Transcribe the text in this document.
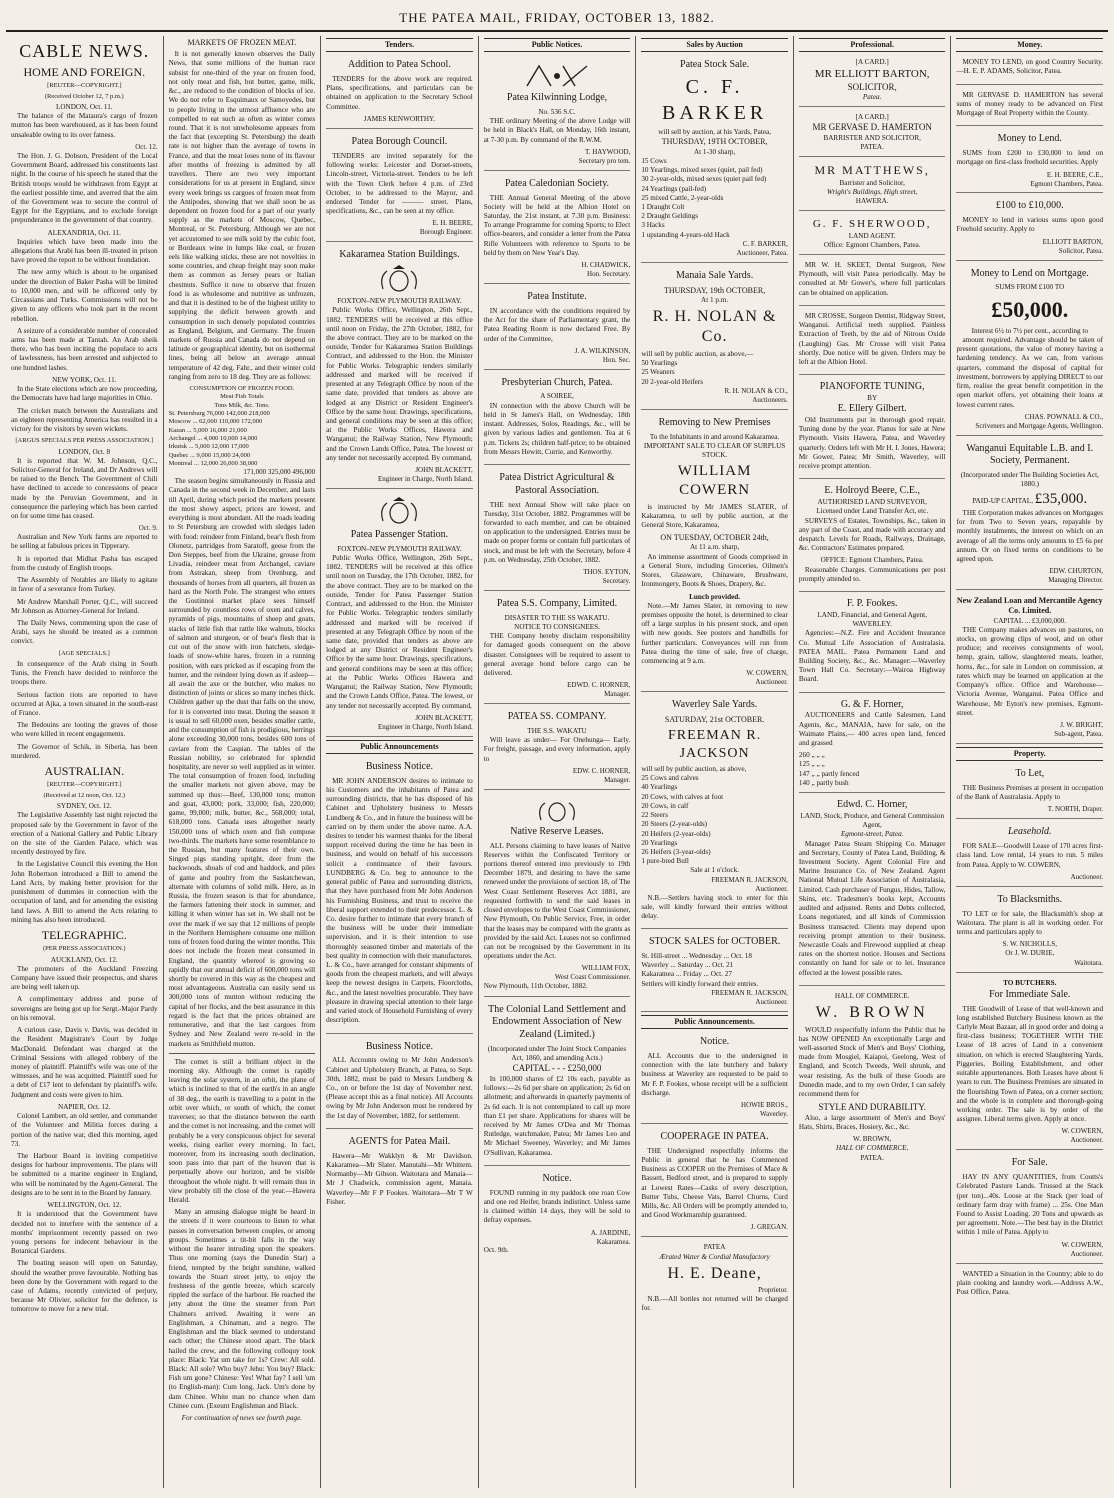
THE PATEA MAIL, FRIDAY, OCTOBER 13, 1882.
CABLE NEWS.
HOME AND FOREIGN.
[REUTER—COPYRIGHT.]
(Received October 12, 7 p.m.)
LONDON, Oct. 11.

The balance of the Mataura's cargo of frozen mutton has been warehoused, as it has been found unsaleable owing to its over fatness.

Oct. 12.

The Hon. J. G. Dobson, President of the Local Government Board, addressed his constituents last night. In the course of his speech he stated that the British troops would be withdrawn from Egypt at the earliest possible time, and averred that the aim of the Government was to secure the control of Egypt for the Egyptians, and to exclude foreign preponderance in the government of that country.

ALEXANDRIA, Oct. 11.

Inquiries which have been made into the allegations that Arabi has been ill-treated in prison have proved the report to be without foundation.

The new army which is about to be organised under the direction of Baker Pasha will be limited to 10,000 men, and will be officered only by Circassians and Turks. Commissions will not be given to any officers who took part in the recent rebellion.

A seizure of a considerable number of concealed arms has been made at Tantah. An Arab sheik there, who has been inciting the populace to acts of lawlessness, has been arrested and subjected to one hundred lashes.

NEW YORK, Oct. 11.

In the State elections which are now proceeding, the Democrats have had large majorities in Ohio.

The cricket match between the Australians and an eighteen representing America has resulted in a victory for the visitors by seven wickets.

[ARGUS SPECIALS PER PRESS ASSOCIATION.]
LONDON, Oct. 8

It is reported that W. M. Johnson, Q.C., Solicitor-General for Ireland, and Dr Andrews will be raised to the Bench. The Government of Chili have declined to accede to concessions of peace made by the Peruvian Government, and in consequence the parleying which has been carried on for some time has ceased.

Oct. 9.

Australian and New York farms are reported to be selling at fabulous prices in Tipperary.

It is reported that Midhat Pasha has escaped from the custody of English troops.

The Assembly of Notables are likely to agitate in favor of a severance from Turkey.

Mr Andrew Marshall Porter, Q.C., will succeed Mr Johnson as Attorney-General for Ireland.

The Daily News, commenting upon the case of Arabi, says he should be treated as a common convict.

[AGE SPECIALS.]

In consequence of the Arab rising in South Tunis, the French have decided to reinforce the troops there.

Serious faction riots are reported to have occurred at Ajka, a town situated in the south-east of France.

The Bedouins are looting the graves of those who were killed in recent engagements.

The Governor of Schik, in Siberia, has been murdered.

AUSTRALIAN.
[REUTER—COPYRIGHT.]
(Received at 12 noon, Oct. 12.)
SYDNEY, Oct. 12.

The Legislative Assembly last night rejected the proposed sale by the Government in favor of the erection of a National Gallery and Public Library on the site of the Garden Palace, which was recently destroyed by fire.

In the Legislative Council this evening the Hon John Robertson introduced a Bill to amend the Land Acts, by making better provision for the punishment of dummies in connection with the occupation of land, and for amending the existing land laws. A Bill to amend the Acts relating to mining has also been introduced.

TELEGRAPHIC.
(PER PRESS ASSOCIATION.)
AUCKLAND, Oct. 12.

The promoters of the Auckland Freezing Company have issued their prospectus, and shares are being well taken up.

A complimentary address and purse of sovereigns are being got up for Sergt.-Major Pardy on his removal.

A curious case, Davis v. Davis, was decided in the Resident Magistrate's Court by Judge MacDonald. Defendant was charged at the Criminal Sessions with alleged robbery of the money of plaintiff. Plaintiff's wife was one of the witnesses, and he was acquitted. Plaintiff sued for a debt of £17 lent to defendant by plaintiff's wife. Judgment and costs were given to him.

NAPIER, Oct. 12.

Colonel Lambert, an old settler, and commander of the Volunteer and Militia forces during a portion of the native war, died this morning, aged 73.

The Harbour Board is inviting competitive designs for harbour improvements. The plans will be submitted to a marine engineer in England, who will be nominated by the Agent-General. The designs are to be sent in to the Board by January.

WELLINGTON, Oct. 12.

It is understood that the Government have decided not to interfere with the sentence of a months' imprisonment recently passed on two young persons for indecent behaviour in the Botanical Gardens.

The boating season will open on Saturday, should the weather prove favourable. Nothing has been done by the Government with regard to the case of Adams, recently convicted of perjury, because Mr Olivier, solicitor for the defence, is tomorrow to move for a new trial.

MARKETS OF FROZEN MEAT.

It is not generally known observes the Daily News, that some millions of the human race subsist for one-third of the year on frozen food, not only meat and fish, but butter, game, milk, &c., are reduced to the condition of blocks of ice. We do not refer to Esquimaux or Samoyedes, but to people living in the utmost affluence who are compelled to eat such as often as winter comes round. That it is not unwholesome appears from the fact that (excepting St. Petersburg) the death rate is not higher than the average of towns in France, and that the meat loses none of its flavour after months of freezing is admitted by all travellers. There are two very important considerations for us at present in England, since every week brings us cargoes of frozen meat from the Antipodes, showing that we shall soon be as dependent on frozen food for a part of our yearly supply as the markets of Moscow, Quebec, Montreal, or St. Petersburg. Although we are not yet accustomed to see milk sold by the cubic foot, or Bordeaux wine in lumps like coal, or frozen eels like walking sticks, these are not novelties in some countries, and cheap freight may soon make them as common as Jersey pears or Italian chestnuts. Suffice it now to observe that frozen food is as wholesome and nutritive as unfrozen, and that it is destined to be of the highest utility to supplying the deficit between growth and consumption in such densely populated countries as England, Belgium, and Germany. The frozen markets of Russia and Canada do not depend on latitude or geographical identity, but on isothermal lines, being all below an average annual temperature of 42 deg. Fahr., and their winter cold ranging from zero to 18 deg. They are as follows:

CONSUMPTION OF FROZEN FOOD.
Meat Fish Totals
Tons Milk, &c. Tons.
St. Petersburg 76,000 142,000 218,000
Moscow ... 62,000 110,000 172,000
Kazan ... 5,000 16,000 21,000
Archangel ... 4,000 10,000 14,000
Irkutsk ... 5,000 12,000 17,000
Quebec ... 9,000 15,000 24,000
Montreal ... 12,000 26,000 38,000
171,000 325,000 496,000

The season begins simultaneously in Russia and Canada in the second week in December, and lasts till April, during which period the markets present the most showy aspect, prices are lowest, and everything is most abundant. All the roads leading to St Petersburg are crowded with sledges laden with food: reindeer from Finland, bear's flesh from Olonetz, partridges from Saratoff, geese from the Don Steppes, beef from the Ukraine, grouse from Livadia, reindeer meat from Archangel, caviare from Astrakan, sheep from Orenburg, and thousands of horses from all quarters, all frozen as hard as the North Pole. The strangest who enters the Gostinnoi market place sees himself surrounded by countless rows of oxen and calves, pyramids of pigs, mountains of sheep and goats, stacks of little fish that rattle like walnuts, blocks of salmon and sturgeon, or of bear's flesh that is cut out of the snow with iron hatchets, sledge-loads of snow-white hares, frozen in a running position, with ears pricked as if escaping from the hunter, and the reindeer lying down as if asleep—all await the axe or the butcher, who makes no distinction of joints or slices so many inches thick. Children gather up the dust that falls on the snow, for it is converted into meat. During the season it is usual to sell 60,000 oxen, besides smaller cattle, and the consumption of fish is prodigious, herrings alone exceeding 30,000 tons, besides 600 tons of caviare from the Caspian. The tables of the Russian nobility, so celebrated for splendid hospitality, are never so well supplied as in winter. The total consumption of frozen food, including the smaller markets not given above, may be summed up thus:—Beef, 130,000 tons; mutton and goat, 43,000; pork, 33,000; fish, 220,000; game, 99,000; milk, butter, &c., 568,000; total, 618,000 tons. Canada uses altogether nearly 150,000 tons of which oxen and fish compose two-thirds. The markets have some resemblance to the Russian, but many features of their own. Singed pigs standing upright, deer from the backwoods, shoals of cod and haddock, and piles of game and poultry from the Saskatchewan, alternate with columns of solid milk. Here, as in Russia, the frozen season is that for abundance, the farmers fattening their stock in summer, and killing it when winter has set in. We shall not be over the mark if we say that 12 millions of people in the Northern Hemisphere consume one million tons of frozen food during the winter months. This does not include the frozen meat consumed in England, the quantity whereof is growing so rapidly that our annual deficit of 600,000 tons will shortly be covered in this way as the cheapest and most advantageous. Australia can easily send us 300,000 tons of mutton without reducing the capital of her flocks, and the best assurance in this regard is the fact that the prices obtained are remunerative, and that the last cargoes from Sydney and New Zealand were re-sold in the markets as Smithfield mutton.

The comet is still a brilliant object in the morning sky. Although the comet is rapidly leaving the solar system, in an orbit, the plane of which is inclined to that of the earth's in an angle of 38 deg., the earth is travelling to a point in the orbit over which, or south of which, the comet traverses; so that the distance between the earth and the comet is not increasing, and the comet will probably be a very conspicuous object for several weeks, rising earlier every morning. In fact, moreover, from its increasing south declination, soon pass into that part of the heaven that is perpetually above our horizon, and be visible throughout the whole night. It will remain thus in view probably till the close of the year.—Hawera Herald.

Many an amusing dialogue might be heard in the streets if it were courteous to listen to what passes in conversation between couples, or among groups. Sometimes a tit-bit falls in the way without the hearer intruding upon the speakers. Thus one morning (says the Dunedin Star) a friend, tempted by the bright sunshine, walked towards the Stuart street jetty, to enjoy the freshness of the gentle breeze, which scarcely rippled the surface of the harbour. He reached the jetty about the time the steamer from Port Chalmers arrived. Awaiting it were an Englishman, a Chinaman, and a negro. The Englishman and the black seemed to understand each other; the Chinese stood apart. The black hailed the crew, and the following colloquy took place: Black: Yat um take for 1s? Crew: All sold. Black: All sole? Who buy? Jehu: You buy? Black: Fish um gone? Chinese: Yes! What fay? I sell 'um (to English-man): Cum long, Jack. Um's done by dam Chinee. White man no chance when dam Chinee cum. (Exeunt Englishman and Black.

For continuation of news see fourth page.
Tenders.
Addition to Patea School.

TENDERS for the above work are required. Plans, specifications, and particulars can be obtained on application to the Secretary School Committee.

JAMES KENWORTHY.
Patea Borough Council.

TENDERS are invited separately for the following works: Leicester and Dorset-streets, Lincoln-street, Victoria-street. Tenders to be left with the Town Clerk before 4 p.m. of 23rd October, to be addressed to the Mayor, and endorsed Tender for ——— street. Plans, specifications, &c., can be seen at my office.

E. H. BEERE,
Borough Engineer.
Kakaramea Station Buildings.
FOXTON–NEW PLYMOUTH RAILWAY.

Public Works Office, Wellington, 26th Sept., 1882. TENDERS will be received at this office until noon on Friday, the 27th October, 1882, for the above contract. They are to be marked on the outside, Tender for Kakaramea Station Buildings Contract, and addressed to the Hon. the Minister for Public Works. Telegraphic tenders similarly addressed and marked will be received if presented at any Telegraph Office by noon of the same date, provided that tenders as above are lodged at any District or Resident Engineer's Office by the same hour. Drawings, specifications, and general conditions may be seen at this office; at the Public Works Offices, Hawera and Wanganui; the Railway Station, New Plymouth; and the Crown Lands Office, Patea. The lowest or any tender not necessarily accepted. By command,

JOHN BLACKETT,
Engineer in Charge, North Island.
Patea Passenger Station.
FOXTON–NEW PLYMOUTH RAILWAY.

Public Works Office, Wellington, 26th Sept., 1882. TENDERS will be received at this office until noon on Tuesday, the 17th October, 1882, for the above contract. They are to be marked on the outside, Tender for Patea Passenger Station Contract, and addressed to the Hon. the Minister for Public Works. Telegraphic tenders similarly addressed and marked will be received if presented at any Telegraph Office by noon of the same date, provided that tenders as above are lodged at any District or Resident Engineer's Office by the same hour. Drawings, specifications, and general conditions may be seen at this office; at the Public Works Offices Hawera and Wanganui; the Railway Station, New Plymouth; and the Crown Lands Office, Patea. The lowest, or any tender not necessarily accepted. By command,

JOHN BLACKETT,
Engineer in Charge, North Island.
Public Announcements
Business Notice.

MR JOHN ANDERSON desires to intimate to his Customers and the inhabitants of Patea and surrounding districts, that he has disposed of his Cabinet and Upholstery business to Messrs Lundberg & Co., and in future the business will be carried on by them under the above name. A.A. desires to tender his warmest thanks for the liberal support received during the time he has been in business, and would on behalf of his successors solicit a continuance of their favours. LUNDBERG & Co. beg to announce to the general public of Patea and surrounding districts, that they have purchased from Mr John Anderson his Furnishing Business, and trust to receive the liberal support extended to their predecessor. L. & Co. desire further to intimate that every branch of the business will be under their immediate supervision, and it is their intention to use thoroughly seasoned timber and materials of the best quality in connection with their manufactures. L. & Co., have arranged for constant shipments of goods from the cheapest markets, and will always keep the newest designs in Carpets, Floorcloths, &c., and the latest novelties procurable. They have pleasure in drawing special attention to their large and varied stock of Household Furnishing of every description.

Business Notice.

ALL Accounts owing to Mr John Anderson's Cabinet and Upholstery Branch, at Patea, to Sept. 30th, 1882, must be paid to Messrs Lundberg & Co., on or before the 1st day of November next. (Please accept this as a final notice). All Accounts owing by Mr John Anderson must be rendered by the 1st day of November, 1882, for settlement.

AGENTS for Patea Mail.

Hawera—Mr Wakklyn & Mr Davidson. Kakaramea—Mr Slater. Manutahi—Mr Whittem. Normanby—Mr Gibson. Waitotara and Manaia—Mr J Chadwick, commission agent, Manaia. Waverley—Mr F P Fookes. Waitotara—Mr T W Fisher.

Public Notices.
Patea Kilwinning Lodge,
No. 536 S.C.

THE ordinary Meeting of the above Lodge will be held in Black's Hall, on Monday, 16th instant, at 7-30 p.m. By command of the R.W.M.

T. HAYWOOD,
Secretary pro tem.
Patea Caledonian Society.

THE Annual General Meeting of the above Society will be held at the Albion Hotel on Saturday, the 21st instant, at 7.30 p.m. Business: To arrange Programme for coming Sports; to Elect office-bearers, and consider a letter from the Patea Rifle Volunteers with reference to Sports to be held by them on New Year's Day.

H. CHADWICK,
Hon. Secretary.
Patea Institute.

IN accordance with the conditions required by the Act for the share of Parliamentary grant, the Patea Reading Room is now declared Free. By order of the Committee,

J. A. WILKINSON,
Hon. Sec.
Presbyterian Church, Patea.
A SOIREE,

IN connection with the above Church will be held in St James's Hall, on Wednesday, 18th instant. Addresses, Solos, Readings, &c., will be given by various ladies and gentlemen. Tea at 6 p.m. Tickets 2s; children half-price; to be obtained from Messrs Hewitt, Currie, and Kenworthy.

Patea District Agricultural & Pastoral Association.

THE next Annual Show will take place on Tuesday, 31st October, 1882. Programmes will be forwarded to each member, and can be obtained on application to the undersigned. Entries must be made on proper forms or contain full particulars of stock, and must be left with the Secretary, before 4 p.m. on Wednesday, 25th October, 1882.

THOS. EYTON,
Secretary.
Patea S.S. Company, Limited.
DISASTER TO THE SS WAKATU.
NOTICE TO CONSIGNEES.

THE Company hereby disclaim responsibility for damaged goods consequent on the above disaster. Consignees will be required to assent to general average bond before cargo can be delivered.

EDWD. C. HORNER,
Manager.
PATEA SS. COMPANY.
THE S.S. WAKATU

Will leave as under— For Onehunga— Early. For freight, passage, and every information, apply to

EDW. C. HORNER,
Manager.
Native Reserve Leases.

ALL Persons claiming to have leases of Native Reserves within the Confiscated Territory or portions thereof entered into previously to 19th December 1879, and desiring to have the same renewed under the provisions of section 18, of The West Coast Settlement Reserves Act 1881, are requested forthwith to send the said leases in closed envelopes to the West Coast Commissioner, New Plymouth, On Public Service, Free, in order that the leases may be compared with the grants as provided by the said Act. Leases not so confirmed can not be recognised by the Government in its operations under the Act.

WILLIAM FOX,
West Coast Commissioner.
New Plymouth, 11th October, 1882.
The Colonial Land Settlement and Endowment Association of New Zealand (Limited.)
(Incorporated under The Joint Stock Companies Act, 1860, and amending Acts.)
CAPITAL - - - £250,000

In 100,000 shares of £2 10s each, payable as follows:—2s 6d per share on application; 2s 6d on allotment; and afterwards in quarterly payments of 2s 6d each. It is not contemplated to call up more than £1 per share. Applications for shares will be received by Mr James O'Dea and Mr Thomas Rutledge, watchmaker, Patea; Mr James Leo and Mr Michael Sweeney, Waverley; and Mr James O'Sullivan, Kakaramea.

Notice.

FOUND running in my paddock one roan Cow and one red Heifer, brands indistinct. Unless same is claimed within 14 days, they will be sold to defray expenses.

A. JARDINE,
Kakaramea.
Oct. 9th.
Sales by Auction
Patea Stock Sale.
C. F. BARKER
will sell by auction, at his Yards, Patea,
THURSDAY, 19TH OCTOBER,
At 1-30 sharp,
15 Cows
10 Yearlings, mixed sexes (quiet, pail fed)
30 2-year-olds, mixed sexes (quiet pail fed)
24 Yearlings (pail-fed)
25 mixed Cattle, 2-year-olds
1 Draught Colt
2 Draught Geldings
3 Hacks
1 upstanding 4-years-old Hack
C. F. BARKER,
Auctioneer, Patea.
Manaia Sale Yards.
THURSDAY, 19th OCTOBER,
At 1 p.m.
R. H. NOLAN & Co.
will sell by public auction, as above,—
50 Yearlings
25 Weaners
20 2-year-old Heifers
R. H. NOLAN & CO.,
Auctioneers.
Removing to New Premises
To the Inhabitants in and around Kakaramea.
IMPORTANT SALE TO CLEAR OF SURPLUS STOCK.
WILLIAM COWERN

is instructed by Mr JAMES SLATER, of Kakaramea, to sell by public auction, at the General Store, Kakaramea,

ON TUESDAY, OCTOBER 24th,
At 11 a.m. sharp,

An immense assortment of Goods comprised in a General Store, including Groceries, Oilmen's Stores, Glassware, Chinaware, Brushware, Ironmongery, Boots & Shoes, Drapery, &c.

Lunch provided.

Note.—Mr James Slater, in removing to new premises opposite the hotel, is determined to clear off a large surplus in his present stock, and open with new goods. See posters and handbills for further particulars. Conveyances will run from Patea during the time of sale, free of charge, commencing at 9 a.m.

W. COWERN,
Auctioneer.
Waverley Sale Yards.
SATURDAY, 21st OCTOBER.
FREEMAN R. JACKSON
will sell by public auction, as above,
25 Cows and calves
40 Yearlings
20 Cows, with calves at foot
20 Cows, in calf
22 Steers
20 Steers (2-year-olds)
20 Heifers (2-year-olds)
20 Yearlings
26 Heifers (3-year-olds)
1 pure-bred Bull
Sale at 1 o'clock.
FREEMAN R. JACKSON,
Auctioneer.

N.B.—Settlers having stock to enter for this sale, will kindly forward their entries without delay.

STOCK SALES for OCTOBER.
St. Hill-street ... Wednesday ... Oct. 18
Waverley ... Saturday ... Oct. 21
Kakaramea ... Friday ... Oct. 27
Settlers will kindly forward their entries.
FREEMAN R. JACKSON,
Auctioneer.
Public Announcements.
Notice.

ALL Accounts due to the undersigned in connection with the late butchery and bakery business at Waverley are requested to be paid to Mr F. P. Fookes, whose receipt will be a sufficient discharge.

HOWIE BROS.,
Waverley.
COOPERAGE IN PATEA.

THE Undersigned respectfully informs the Public in general that he has Commenced Business as COOPER on the Premises of Mace & Bassett, Bedford street, and is prepared to supply at Lowest Rates—Casks of every description, Butter Tubs, Cheese Vats, Barrel Churns, Curd Mills, &c. All Orders will be promptly attended to, and Good Workmanship guaranteed.

J. GREGAN.
PATEA
Ærated Water & Cordial Manufactory
H. E. Deane,
Proprietor.

N.B.—All bottles not returned will be charged for.

Professional.
[A CARD.]
MR ELLIOTT BARTON,
SOLICITOR,
Patea.
[A CARD.]
MR GERVASE D. HAMERTON
BARRISTER AND SOLICITOR,
PATEA.
MR MATTHEWS,
Barrister and Solicitor,
Wright's Buildings, High street,
HAWERA.
G. F. SHERWOOD,
LAND AGENT.
Office: Egmont Chambers, Patea.

MR W. H. SKEET, Dental Surgeon, New Plymouth, will visit Patea periodically. May be consulted at Mr Gower's, where full particulars can be obtained on application.

MR CROSSE, Surgeon Dentist, Ridgway Street, Wanganui. Artificial teeth supplied. Painless Extraction of Teeth, by the aid of Nitrous Oxide (Laughing) Gas. Mr Crosse will visit Patea shortly. Due notice will be given. Orders may be left at the Albion Hotel.

PIANOFORTE TUNING,
BY
E. Ellery Gilbert.

Old Instruments put in thorough good repair. Tuning done by the year. Pianos for sale at New Plymouth. Visits Hawera, Patea, and Waverley quarterly. Orders left with Mr H. I. Jones, Hawera; Mr Gower, Patea; Mr Smith, Waverley, will receive prompt attention.

E. Holroyd Beere, C.E.,
AUTHORISED LAND SURVEYOR,
Licensed under Land Transfer Act, etc.

SURVEYS of Estates, Townships, &c., taken in any part of the Coast, and made with accuracy and despatch. Levels for Roads, Railways, Drainage, &c. Contractors' Estimates prepared.

OFFICE: Egmont Chambers, Patea.

Reasonable Charges. Communications per post promptly attended to.

F. P. Fookes.
LAND, Financial, and General Agent,
WAVERLEY.

Agencies:—N.Z. Fire and Accident Insurance Co. Mutual Life Association of Australasia. PATEA MAIL. Patea Permanent Land and Building Society, &c., &c. Manager:—Waverley Town Hall Co. Secretary:—Wairoa Highway Board.

G. & F. Horner,

AUCTIONEERS and Cattle Salesmen, Land Agents, &c., MANAIA, have for sale, on the Waimate Plains,— 400 acres open land, fenced and grassed

260 „ „ „
125 „ „ „
147 „ „ partly fenced
140 „ partly bush
Edwd. C. Horner,
LAND, Stock, Produce, and General Commission Agent,
Egmont-street, Patea.

Manager Patea Steam Shipping Co. Manager and Secretary, County of Patea Land, Building, & Investment Society. Agent Colonial Fire and Marine Insurance Co. of New Zealand. Agent National Mutual Life Association of Australasia, Limited. Cash purchaser of Fungus, Hides, Tallow, Skins, etc. Tradesmen's books kept, Accounts audited and adjusted. Rents and Debts collected, Loans negotiated, and all kinds of Commission Business transacted. Clients may depend upon receiving prompt attention to their business. Newcastle Coals and Firewood supplied at cheap rates on the shortest notice. Houses and Sections constantly on hand for sale or to let. Insurance effected at the lowest possible rates.

HALL OF COMMERCE.
W. BROWN

WOULD respectfully inform the Public that he has NOW OPENED An exceptionally Large and well-assorted Stock of Men's and Boys' Clothing, made from Mosgiel, Kaiapoi, Geelong, West of England, and Scotch Tweeds, Well shrunk, and wear resisting. As the bulk of these Goods are Dunedin made, and to my own Order, I can safely recommend them for

STYLE AND DURABILITY.

Also, a large assortment of Men's and Boys' Hats, Shirts, Braces, Hosiery, &c., &c.

W. BROWN,
HALL OF COMMERCE,
PATEA.
Money.

MONEY TO LEND, on good Country Security.—H. E. P. ADAMS, Solicitor, Patea.

MR GERVASE D. HAMERTON has several sums of money ready to be advanced on First Mortgage of Real Property within the County.

Money to Lend.

SUMS from £200 to £30,000 to lend on mortgage on first-class freehold securities. Apply

E. H. BEERE, C.E.,
Egmont Chambers, Patea.
£100 to £10,000.

MONEY to lend in various sums upon good Freehold security. Apply to

ELLIOTT BARTON,
Solicitor, Patea.
Money to Lend on Mortgage.
SUMS FROM £100 TO
£50,000.
Interest 6½ to 7½ per cent., according to

amount required. Advantage should be taken of present quotations, the value of money having a hardening tendency. As we can, from various quarters, command the disposal of capital for investment, borrowers by applying DIRECT to our firm, realise the great benefit competition in the open market offers, yet obtaining their loans at lowest current rates.

CHAS. POWNALL & CO.,
Scriveners and Mortgage Agents, Wellington.
Wanganui Equitable L.B. and I. Society, Permanent.
(Incorporated under The Building Societies Act, 1880.)
PAID-UP CAPITAL, £35,000.

THE Corporation makes advances on Mortgages for from Two to Seven years, repayable by monthly instalments, the interest on which on an average of all the terms only amounts to £5 6s per annum. Or on fixed terms on conditions to be agreed upon.

EDW. CHURTON,
Managing Director.
New Zealand Loan and Mercantile Agency Co. Limited.
CAPITAL ... £3,000,000.

THE Company makes advances on pastures, on stocks, on growing clips of wool, and on other produce; and receives consignments of wool, hemp, grain, tallow, slaughtered meats, leather, horns, &c., for sale in London on commission, at rates which may be learned on application at the Company's office. Office and Warehouse—Victoria Avenue, Wanganui. Patea Office and Warehouse, Mr Eyton's new premises, Egmont-street.

J. W. BRIGHT,
Sub-agent, Patea.
Property.
To Let,

THE Business Premises at present in occupation of the Bank of Australasia. Apply to

T. NORTH, Draper.
Leasehold.

FOR SALE—Goodwill Lease of 170 acres first-class land. Low rental, 14 years to run. 5 miles from Patea. Apply to W. COWERN,

Auctioneer.
To Blacksmiths.

TO LET or for sale, the Blacksmith's shop at Waitotara. The plant is all in working order. For terms and particulars apply to

S. W. NICHOLLS,
Or J. W. DURIE,
Waitotara.
TO BUTCHERS.
For Immediate Sale.

THE Goodwill of Lease of that well-known and long established Butchery Business known as the Carlyle Meat Bazaar, all in good order and doing a first-class business; TOGETHER WITH THE Lease of 18 acres of Land in a convenient situation, on which is erected Slaughtering Yards, Piggeries, Boiling Establishment, and other suitable appurtenances. Both Leases have about 6 years to run. The Business Premises are situated in the flourishing Town of Patea, on a corner section; and the whole is in complete and thorough-going working order. The sale is by order of the assignee. Liberal terms given. Apply at once.

W. COWERN,
Auctioneer.
For Sale.

HAY IN ANY QUANTITIES, from Coutts's Celebrated Pasture Lands. Trussed at the Stack (per ton)...40s. Loose at the Stack (per load of ordinary farm dray with frame) ... 25s. One Man Found to Assist Loading. 20 Tons and upwards as per agreement. Note.—The best hay in the District within 1 mile of Patea. Apply to

W. COWERN,
Auctioneer.

WANTED a Situation in the Country; able to do plain cooking and laundry work.—Address A.W., Post Office, Patea.
